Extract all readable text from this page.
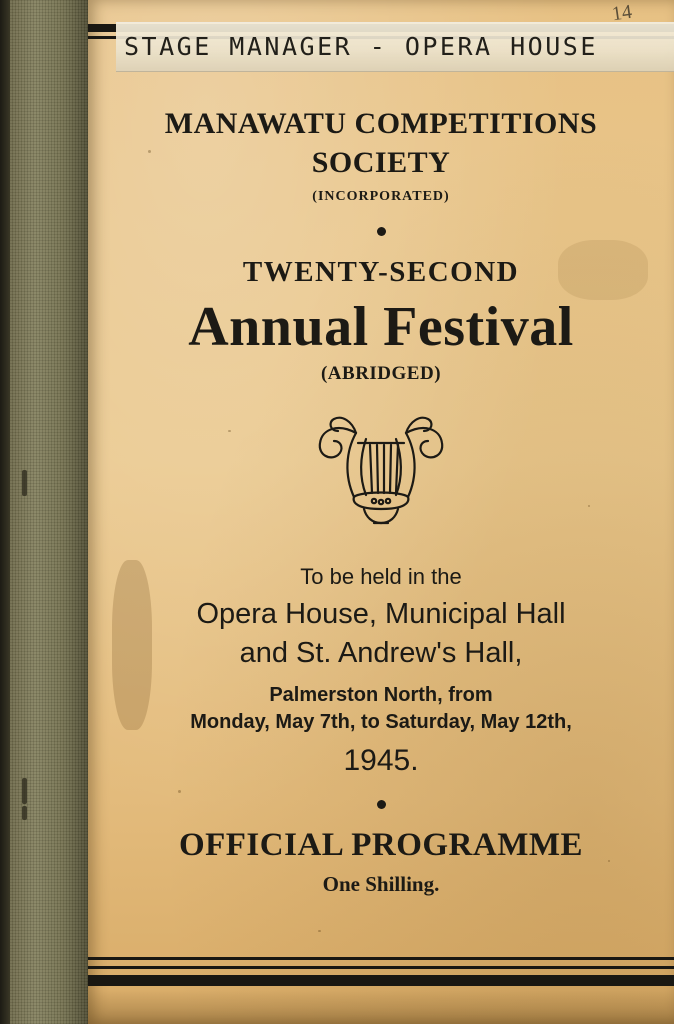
STAGE MANAGER - OPERA HOUSE
14
MANAWATU COMPETITIONS
SOCIETY
(INCORPORATED)
TWENTY-SECOND
Annual Festival
(ABRIDGED)
To be held in the
Opera House, Municipal Hall
and St. Andrew's Hall,
Palmerston North, from
Monday, May 7th, to Saturday, May 12th,
1945.
OFFICIAL PROGRAMME
One Shilling.
